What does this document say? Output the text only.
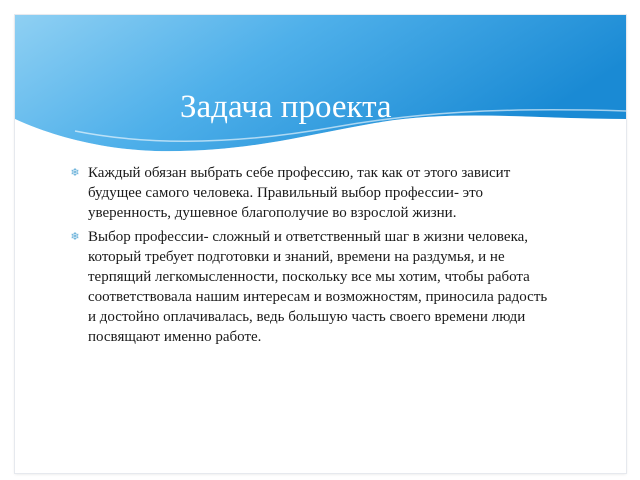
Задача проекта
❄ Каждый обязан выбрать себе профессию, так как от этого зависит будущее самого человека. Правильный выбор профессии- это уверенность, душевное благополучие во взрослой жизни.
❄ Выбор профессии- сложный и ответственный шаг в жизни человека, который требует подготовки и знаний, времени на раздумья, и не терпящий легкомысленности, поскольку все мы хотим, чтобы работа соответствовала нашим интересам и возможностям, приносила радость и достойно оплачивалась, ведь большую часть своего времени люди посвящают именно работе.
